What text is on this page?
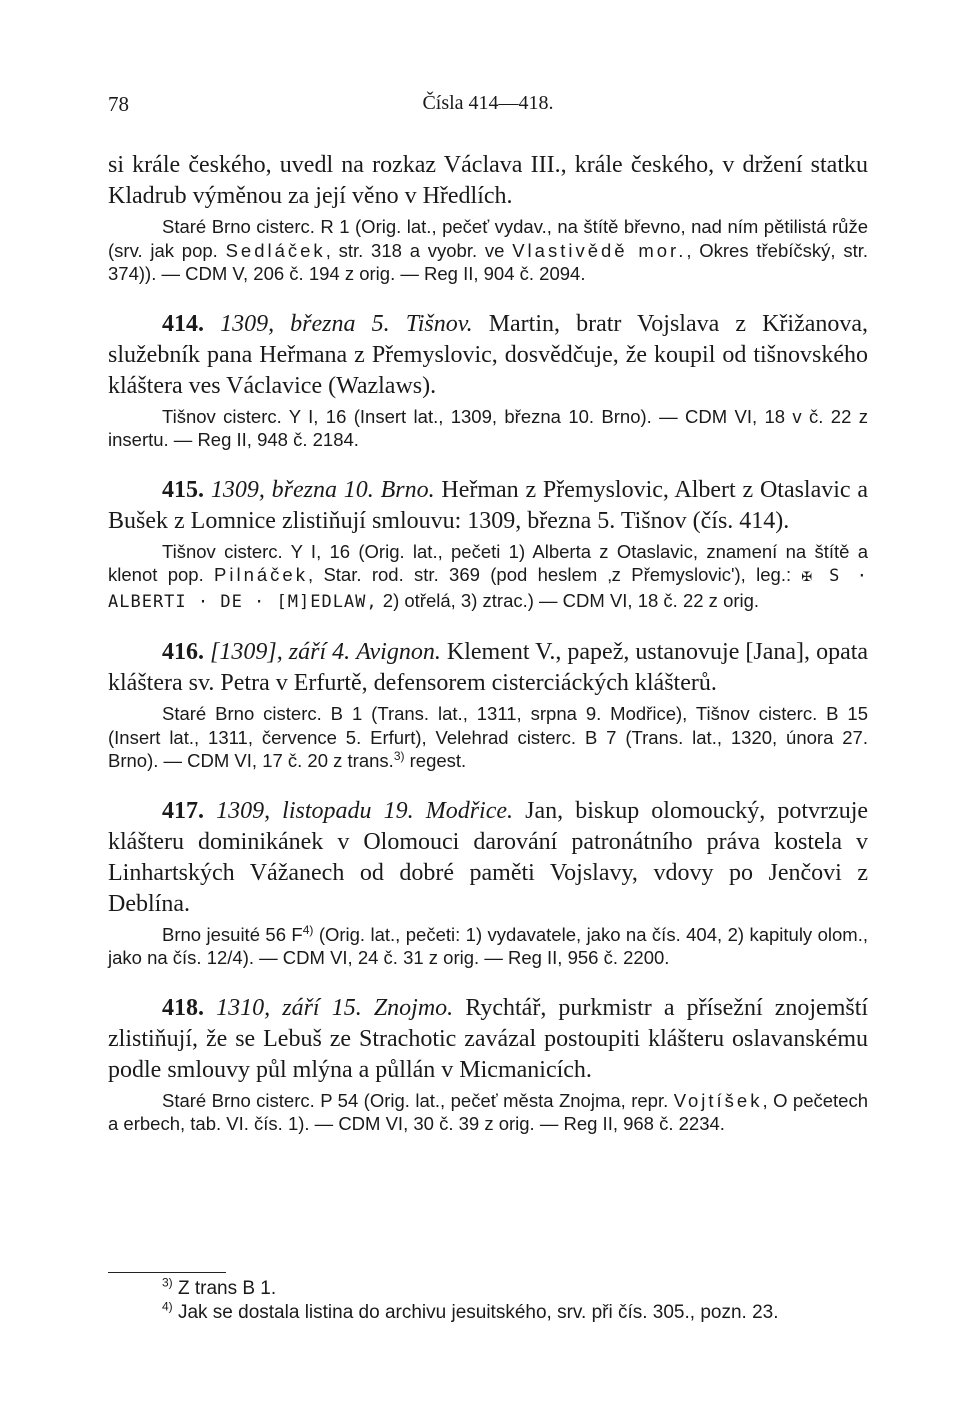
78	Čísla 414—418.

si krále českého, uvedl na rozkaz Václava III., krále českého, v držení statku Kladrub výměnou za její věno v Hředlích.

Staré Brno cisterc. R 1 (Orig. lat., pečeť vydav., na štítě břevno, nad ním pětilistá růže (srv. jak pop. Sedláček, str. 318 a vyobr. ve Vlastivědě mor., Okres třebíčský, str. 374)). — CDM V, 206 č. 194 z orig. — Reg II, 904 č. 2094.

414. 1309, března 5. Tišnov. Martin, bratr Vojslava z Křižanova, služebník pana Heřmana z Přemyslovic, dosvědčuje, že koupil od tišnovského kláštera ves Václavice (Wazlaws).

Tišnov cisterc. Y I, 16 (Insert lat., 1309, března 10. Brno). — CDM VI, 18 v č. 22 z insertu. — Reg II, 948 č. 2184.

415. 1309, března 10. Brno. Heřman z Přemyslovic, Albert z Otaslavic a Bušek z Lomnice zlistiňují smlouvu: 1309, března 5. Tišnov (čís. 414).

Tišnov cisterc. Y I, 16 (Orig. lat., pečeti 1) Alberta z Otaslavic, znamení na štítě a klenot pop. Pilnáček, Star. rod. str. 369 (pod heslem ‚z Přemyslovic'), leg.: ✠ S · ALBERTI · DE · [M]EDLAW, 2) otřelá, 3) ztrac.) — CDM VI, 18 č. 22 z orig.

416. [1309], září 4. Avignon. Klement V., papež, ustanovuje [Jana], opata kláštera sv. Petra v Erfurtě, defensorem cisterciáckých klášterů.

Staré Brno cisterc. B 1 (Trans. lat., 1311, srpna 9. Modřice), Tišnov cisterc. B 15 (Insert lat., 1311, července 5. Erfurt), Velehrad cisterc. B 7 (Trans. lat., 1320, února 27. Brno). — CDM VI, 17 č. 20 z trans.$^{3)}$ regest.

417. 1309, listopadu 19. Modřice. Jan, biskup olomoucký, potvrzuje klášteru dominikánek v Olomouci darování patronátního práva kostela v Linhartských Vážanech od dobré paměti Vojslavy, vdovy po Jenčovi z Deblína.

Brno jesuité 56 $F^{4)}$ (Orig. lat., pečeti: 1) vydavatele, jako na čís. 404, 2) kapituly olom., jako na čís. 12/4). — CDM VI, 24 č. 31 z orig. — Reg II, 956 č. 2200.

418. 1310, září 15. Znojmo. Rychtář, purkmistr a přísežní znojemští zlistiňují, že se Lebuš ze Strachotic zavázal postoupiti klášteru oslavanskému podle smlouvy půl mlýna a půllán v Micmanicích.

Staré Brno cisterc. P 54 (Orig. lat., pečeť města Znojma, repr. Vojtíšek, O pečetech a erbech, tab. VI. čís. 1). — CDM VI, 30 č. 39 z orig. — Reg II, 968 č. 2234.

$^{3)}$ Z trans B 1.

$^{4)}$ Jak se dostala listina do archivu jesuitského, srv. při čís. 305., pozn. 23.
